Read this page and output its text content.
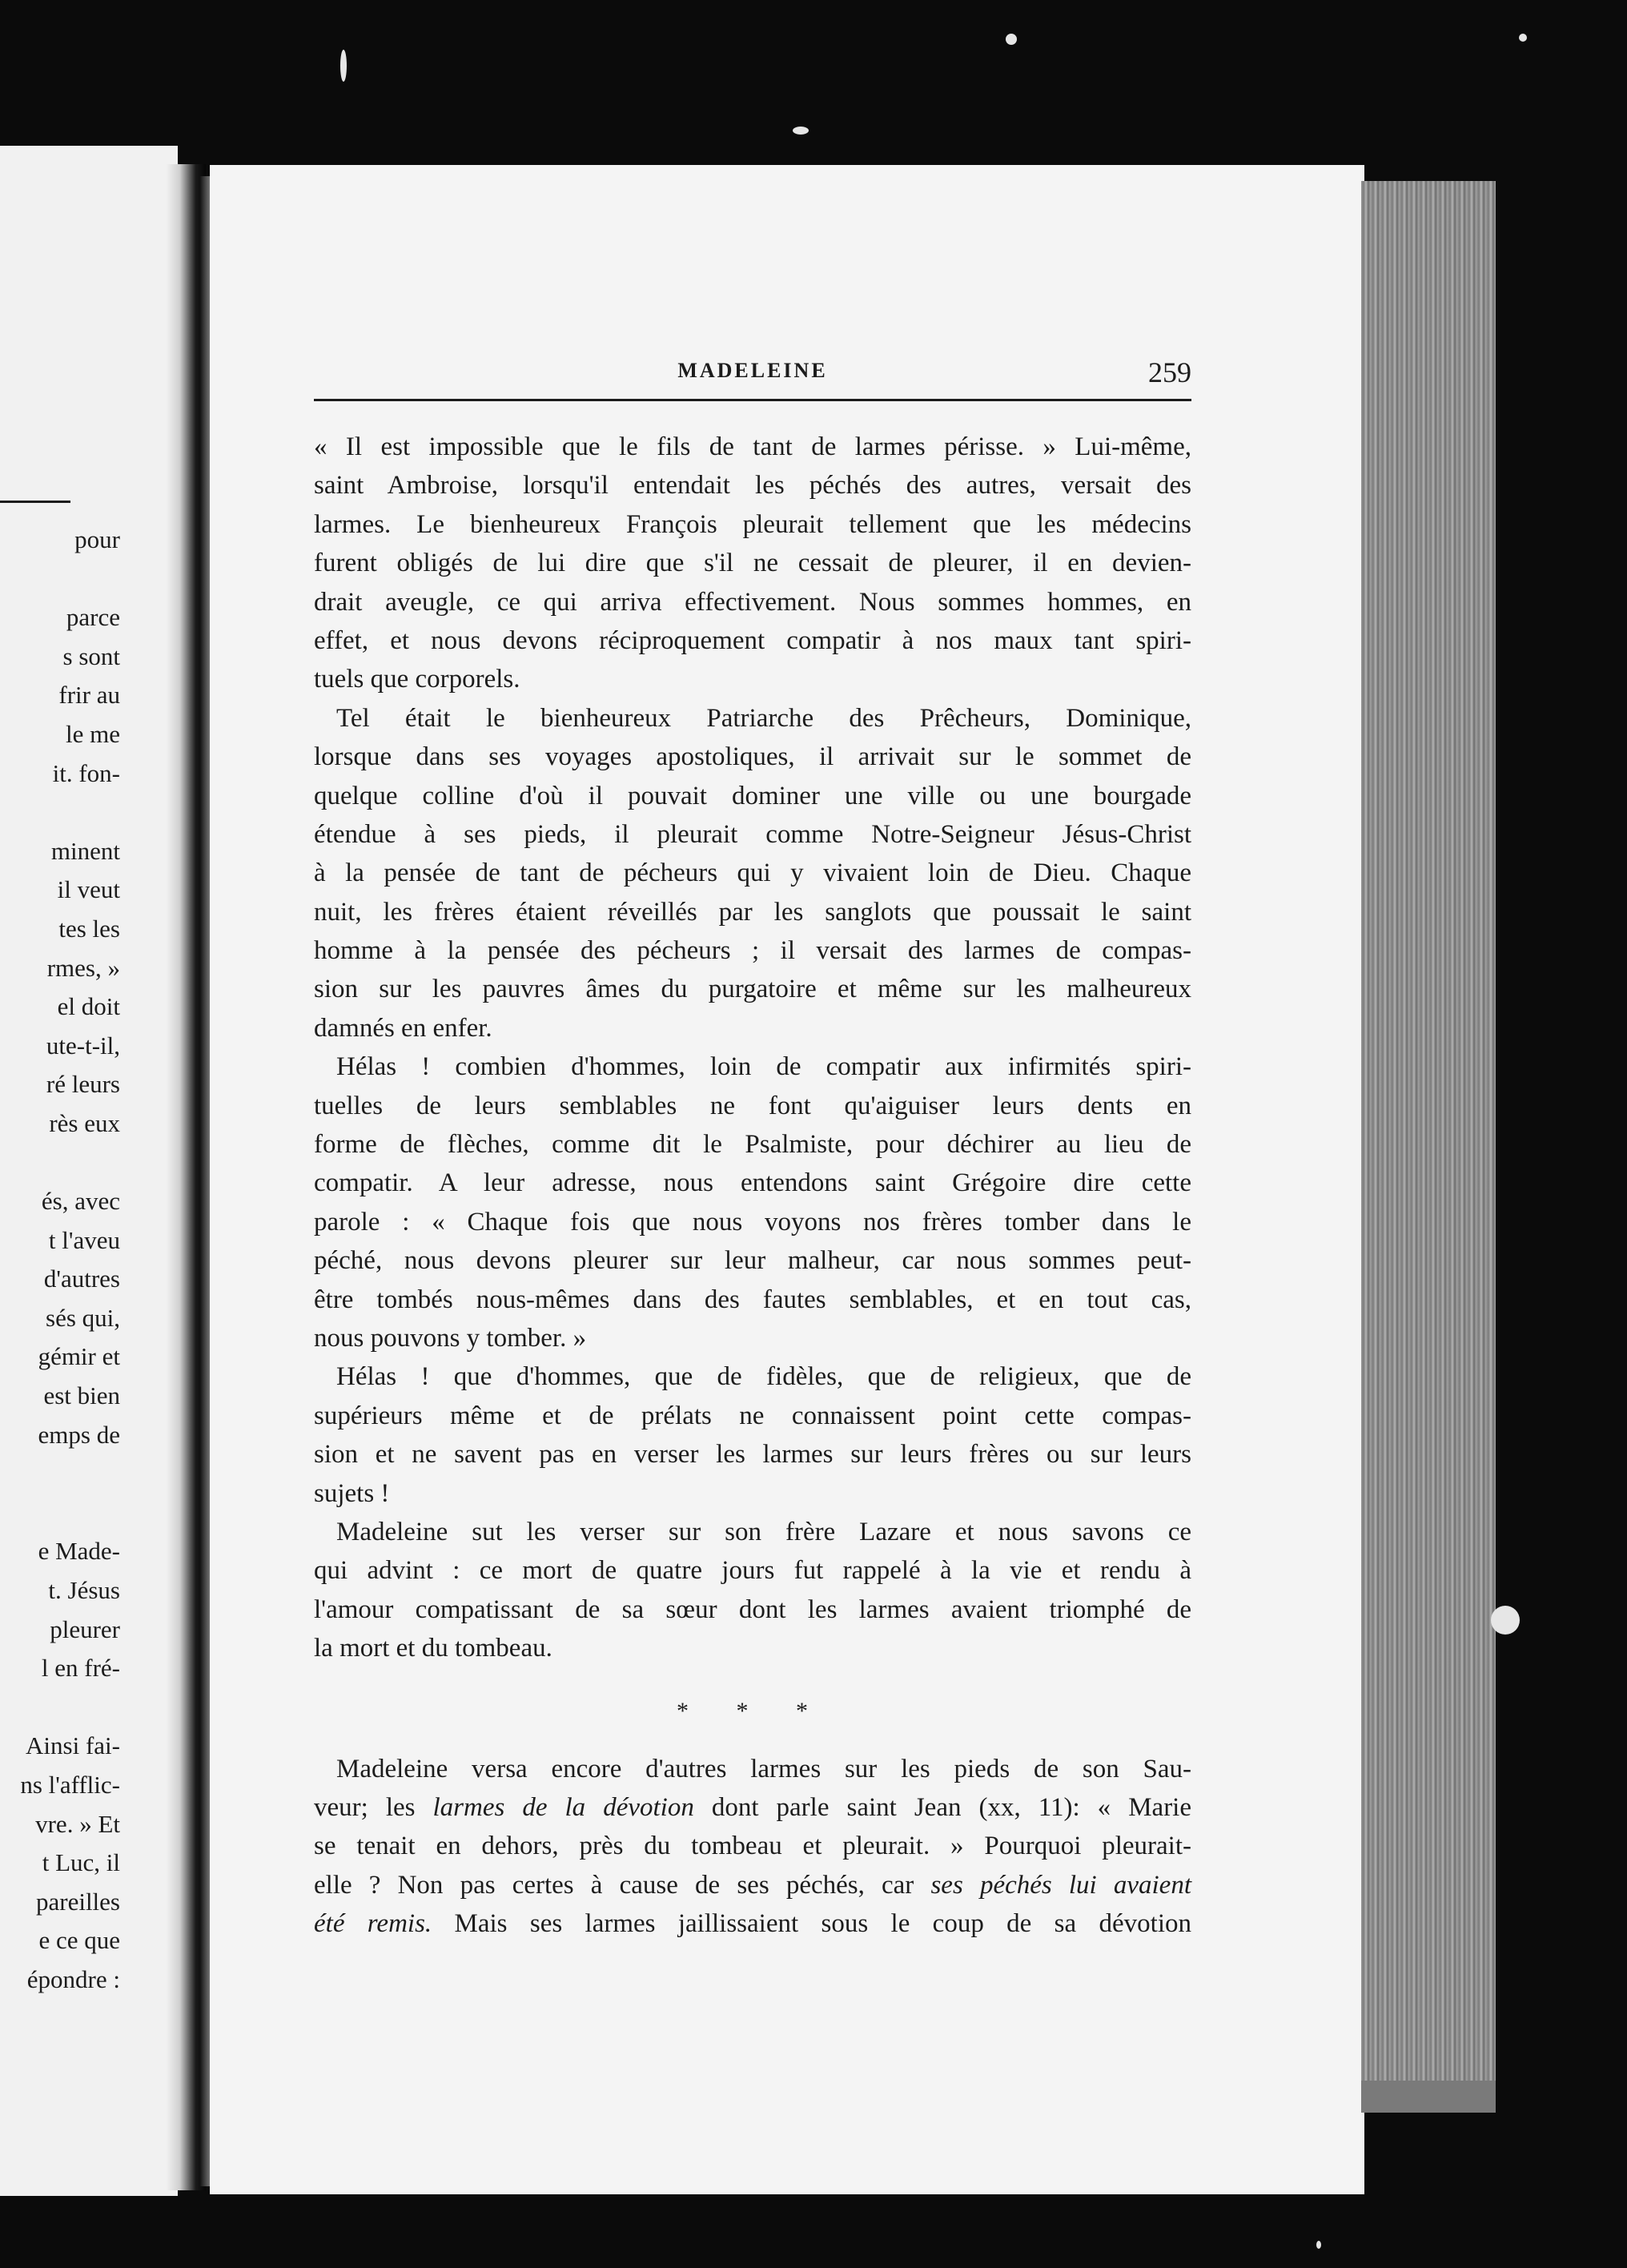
pour
parce
s sont
frir au
le me
it. fon-
minent
il veut
tes les
rmes, »
el doit
ute-t-il,
ré leurs
rès eux
és, avec
t l'aveu
d'autres
sés qui,
gémir et
est bien
emps de
e Made-
t. Jésus
pleurer
l en fré-
Ainsi fai-
ns l'afflic-
vre. » Et
t Luc, il
pareilles
e ce que
épondre :
MADELEINE	259
« Il est impossible que le fils de tant de larmes périsse. » Lui-même,
saint Ambroise, lorsqu'il entendait les péchés des autres, versait des
larmes. Le bienheureux François pleurait tellement que les médecins
furent obligés de lui dire que s'il ne cessait de pleurer, il en devien-
drait aveugle, ce qui arriva effectivement. Nous sommes hommes, en
effet, et nous devons réciproquement compatir à nos maux tant spiri-
tuels que corporels.
Tel était le bienheureux Patriarche des Prêcheurs, Dominique,
lorsque dans ses voyages apostoliques, il arrivait sur le sommet de
quelque colline d'où il pouvait dominer une ville ou une bourgade
étendue à ses pieds, il pleurait comme Notre-Seigneur Jésus-Christ
à la pensée de tant de pécheurs qui y vivaient loin de Dieu. Chaque
nuit, les frères étaient réveillés par les sanglots que poussait le saint
homme à la pensée des pécheurs ; il versait des larmes de compas-
sion sur les pauvres âmes du purgatoire et même sur les malheureux
damnés en enfer.
Hélas ! combien d'hommes, loin de compatir aux infirmités spiri-
tuelles de leurs semblables ne font qu'aiguiser leurs dents en
forme de flèches, comme dit le Psalmiste, pour déchirer au lieu de
compatir. A leur adresse, nous entendons saint Grégoire dire cette
parole : « Chaque fois que nous voyons nos frères tomber dans le
péché, nous devons pleurer sur leur malheur, car nous sommes peut-
être tombés nous-mêmes dans des fautes semblables, et en tout cas,
nous pouvons y tomber. »
Hélas ! que d'hommes, que de fidèles, que de religieux, que de
supérieurs même et de prélats ne connaissent point cette compas-
sion et ne savent pas en verser les larmes sur leurs frères ou sur leurs
sujets !
Madeleine sut les verser sur son frère Lazare et nous savons ce
qui advint : ce mort de quatre jours fut rappelé à la vie et rendu à
l'amour compatissant de sa sœur dont les larmes avaient triomphé de
la mort et du tombeau.
* * *
Madeleine versa encore d'autres larmes sur les pieds de son Sau-
veur; les larmes de la dévotion dont parle saint Jean (xx, 11): « Marie
se tenait en dehors, près du tombeau et pleurait. » Pourquoi pleurait-
elle ? Non pas certes à cause de ses péchés, car ses péchés lui avaient
été remis. Mais ses larmes jaillissaient sous le coup de sa dévotion
